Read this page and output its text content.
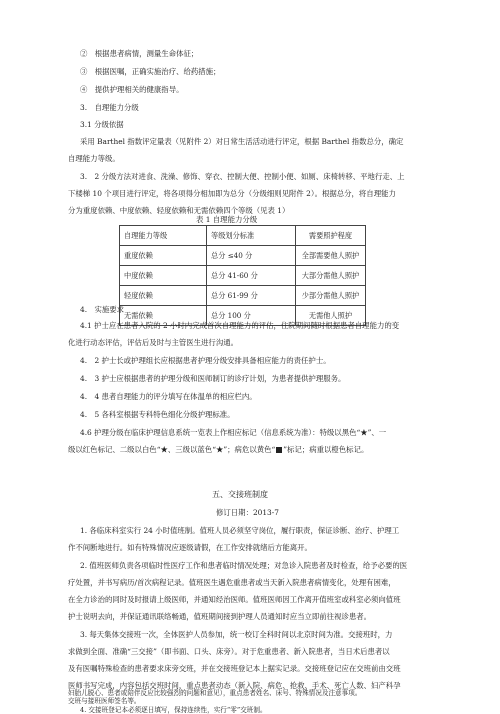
②　根据患者病情，测量生命体征；
③　根据医嘱，正确实施治疗、给药措施；
④　提供护理相关的健康指导。
3.　自理能力分级
3.1 分级依据
采用 Barthel 指数评定量表（见附件 2）对日常生活活动进行评定，根据 Barthel 指数总分，确定
自理能力等级。
3.　2 分级方法对进食、洗澡、修饰、穿衣、控制大便、控制小便、如厕、床椅转移、平地行走、上
下楼梯 10 个项目进行评定，将各项得分相加即为总分（分级细则见附件 2）。根据总分，将自理能力
分为重度依赖、中度依赖、轻度依赖和无需依赖四个等级（见表 1）
表 1 自理能力分级
自理能力等级	等级划分标准	需要照护程度
重度依赖	总分 ≤40 分	全部需要他人照护
中度依赖	总分 41-60 分	大部分需他人照护
轻度依赖	总分 61-99 分	少部分需他人照护
无需依赖	总分 100 分	无需他人照护
4.　实施要求
4.1 护士应在患者入院的 2 小时内完成首次自理能力的评估，住院期间随时根据患者自理能力的变
化进行动态评估，评估后及时与主管医生进行沟通。
4.　2 护士长或护理组长应根据患者护理分级安排具备相应能力的责任护士。
4.　3 护士应根据患者的护理分级和医师制订的诊疗计划，为患者提供护理服务。
4.　4 患者自理能力的评分填写在体温单的相应栏内。
4.　5 各科室根据专科特色细化分级护理标准。
4.6 护理分级在临床护理信息系统一览表上作相应标记（信息系统为准）：特级以黑色“★”、一
级以红色标记、二级以白色“★、三级以蓝色“★”；病危以黄色“ ”标记；病重以橙色标记。
五、交接班制度
修订日期：2013-7
1. 各临床科室实行 24 小时值班制。值班人员必须坚守岗位，履行职责，保证诊断、治疗、护理工
作不间断地进行。如有特殊情况应逐级请假，在工作安排就绪后方能离开。
2. 值班医师负责各项临时性医疗工作和患者临时情况处理；对急诊入院患者及时检查，给予必要的医
疗处置，并书写病历/首次病程记录。值班医生遇危重患者或当天新入院患者病情变化，处理有困难，
在全力诊治的同时及时报请上级医师，并通知经治医师。值班医师因工作离开值班室或科室必须向值班
护士说明去向，并保证通讯联络畅通，值班期间接到护理人员通知时应当立即前往视诊患者。
3. 每天集体交接班一次，全体医护人员参加，统一校订全科时间以北京时间为准。交接班时，力
求做到全面、准确“三交接”（即书面、口头、床旁）。对于危重患者、新入院患者，当日术后患者以
及有医嘱特殊检查的患者要求床旁交班，并在交接班登记本上据实记录。交接班登记应在交班前由交班
医师书写完成，内容包括交班时间，重点患者动态（新入院、病危、抢救、手术、死亡人数、妇产科孕
妇胎儿脱心、患者或陪伴反应比较强烈的问题和意见），重点患者姓名、床号、特殊情况及注意事项。
交班与接班医师签名等。
4. 交接班登记本必须逐日填写，保持连续性，实行“零”交班制。
